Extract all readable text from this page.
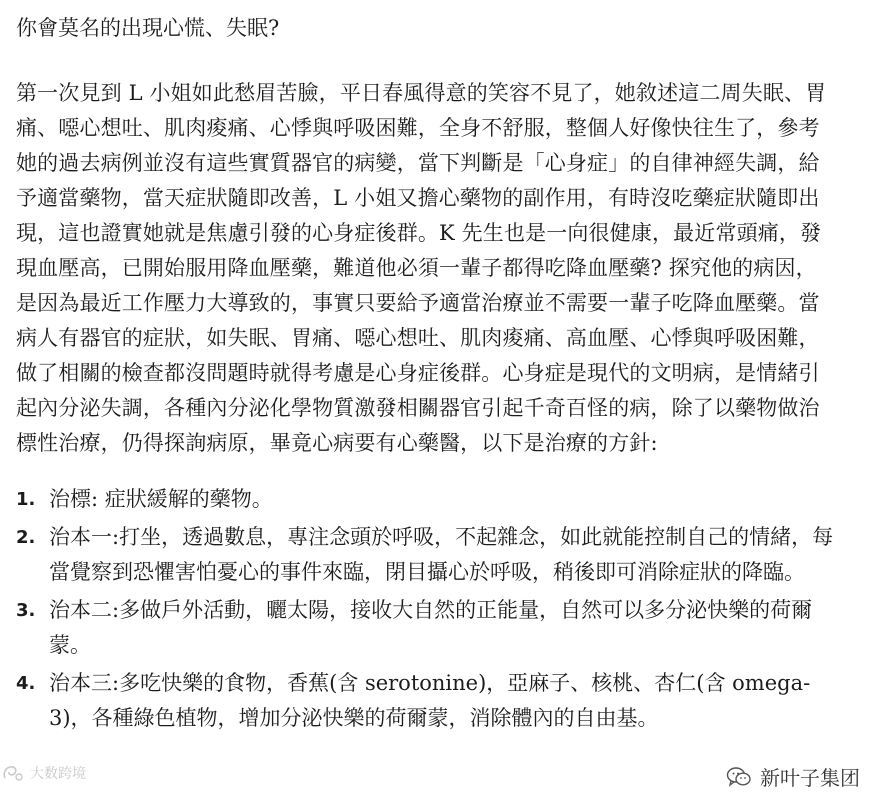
你會莫名的出現心慌、失眠?

第一次見到 L 小姐如此愁眉苦臉，平日春風得意的笑容不見了，她敘述這二周失眠、胃痛、噁心想吐、肌肉痠痛、心悸與呼吸困難，全身不舒服，整個人好像快往生了，參考她的過去病例並沒有這些實質器官的病變，當下判斷是「心身症」的自律神經失調，給予適當藥物，當天症狀隨即改善，L 小姐又擔心藥物的副作用，有時沒吃藥症狀隨即出現，這也證實她就是焦慮引發的心身症後群。K 先生也是一向很健康，最近常頭痛，發現血壓高，已開始服用降血壓藥，難道他必須一輩子都得吃降血壓藥? 探究他的病因，是因為最近工作壓力大導致的，事實只要給予適當治療並不需要一輩子吃降血壓藥。當病人有器官的症狀，如失眠、胃痛、噁心想吐、肌肉痠痛、高血壓、心悸與呼吸困難，做了相關的檢查都沒問題時就得考慮是心身症後群。心身症是現代的文明病，是情緒引起內分泌失調，各種內分泌化學物質激發相關器官引起千奇百怪的病，除了以藥物做治標性治療，仍得探詢病原，畢竟心病要有心藥醫，以下是治療的方針:

1. 治標: 症狀緩解的藥物。
2. 治本一:打坐，透過數息，專注念頭於呼吸，不起雜念，如此就能控制自己的情緒，每當覺察到恐懼害怕憂心的事件來臨，閉目攝心於呼吸，稍後即可消除症狀的降臨。
3. 治本二:多做戶外活動，曬太陽，接收大自然的正能量，自然可以多分泌快樂的荷爾蒙。
4. 治本三:多吃快樂的食物，香蕉(含 serotonine)，亞麻子、核桃、杏仁(含 omega-3)，各種綠色植物，增加分泌快樂的荷爾蒙，消除體內的自由基。
大数跨境	新叶子集团
